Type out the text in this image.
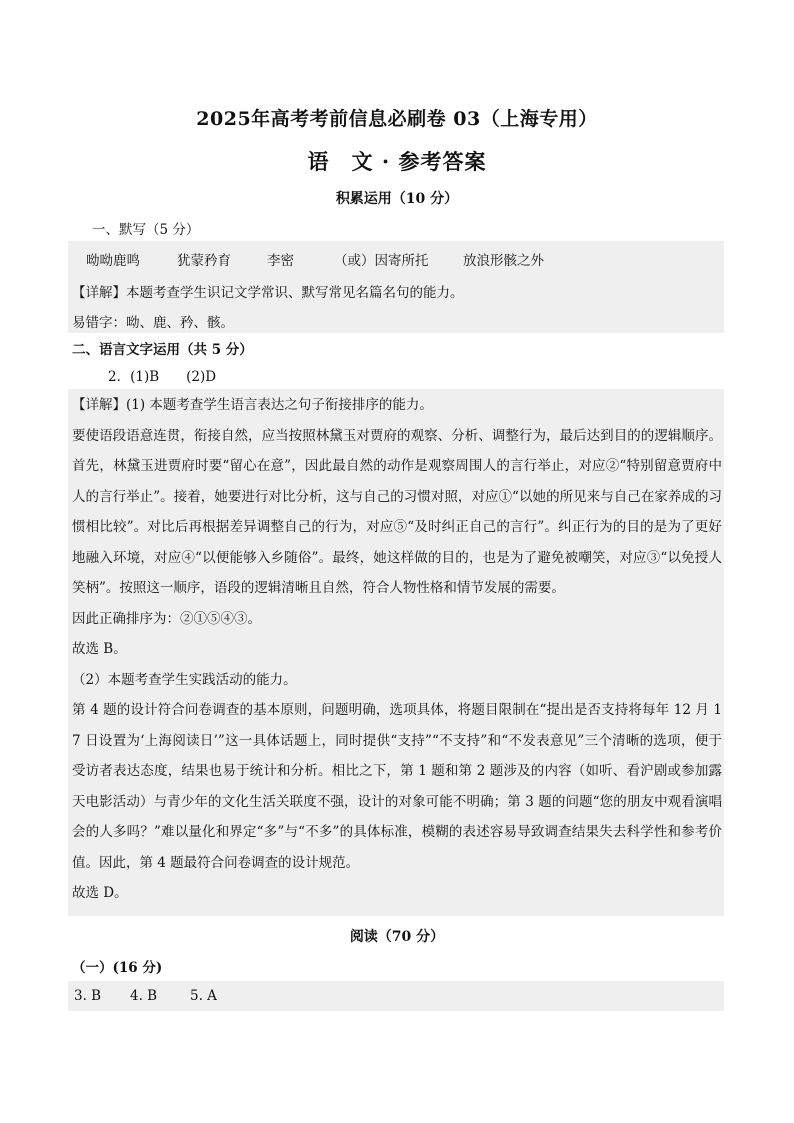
2025年高考考前信息必刷卷 03（上海专用）
语 文 · 参考答案
积累运用（10 分）
一、默写（5 分）
呦呦鹿鸣	犹蒙矜育	李密	（或）因寄所托	放浪形骸之外
【详解】本题考查学生识记文学常识、默写常见名篇名句的能力。
易错字：呦、鹿、矜、骸。
二、语言文字运用（共 5 分）
2．(1)B　　(2)D
【详解】(1) 本题考查学生语言表达之句子衔接排序的能力。
要使语段语意连贯，衔接自然，应当按照林黛玉对贾府的观察、分析、调整行为，最后达到目的的逻辑顺序。首先，林黛玉进贾府时要“留心在意”，因此最自然的动作是观察周围人的言行举止，对应②“特别留意贾府中人的言行举止”。接着，她要进行对比分析，这与自己的习惯对照，对应①“以她的所见来与自己在家养成的习惯相比较”。对比后再根据差异调整自己的行为，对应⑤“及时纠正自己的言行”。纠正行为的目的是为了更好地融入环境，对应④“以便能够入乡随俗”。最终，她这样做的目的，也是为了避免被嘲笑，对应③“以免授人笑柄”。按照这一顺序，语段的逻辑清晰且自然，符合人物性格和情节发展的需要。
因此正确排序为：②①⑤④③。
故选 B。
（2）本题考查学生实践活动的能力。
第 4 题的设计符合问卷调查的基本原则，问题明确，选项具体，将题目限制在“提出是否支持将每年 12 月 17 日设置为‘上海阅读日’”这一具体话题上，同时提供“支持”“不支持”和“不发表意见”三个清晰的选项，便于受访者表达态度，结果也易于统计和分析。相比之下，第 1 题和第 2 题涉及的内容（如听、看沪剧或参加露天电影活动）与青少年的文化生活关联度不强，设计的对象可能不明确；第 3 题的问题“您的朋友中观看演唱会的人多吗？”难以量化和界定“多”与“不多”的具体标准，模糊的表述容易导致调查结果失去科学性和参考价值。因此，第 4 题最符合问卷调查的设计规范。
故选 D。
阅读（70 分）
（一）(16 分)
3. B 4. B 5. A
